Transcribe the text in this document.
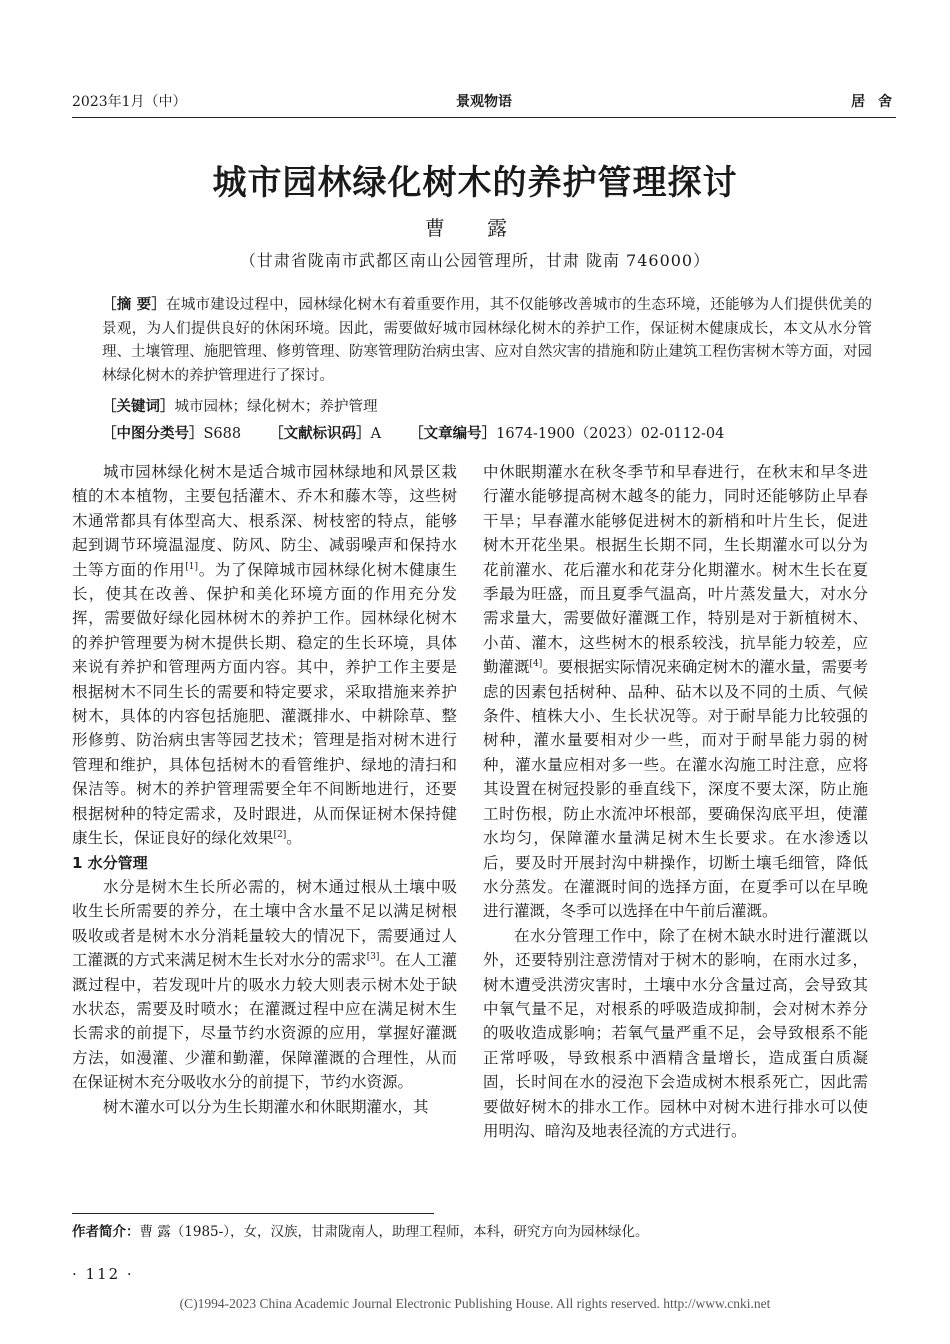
2023年1月（中）	景观物语	居 舍
城市园林绿化树木的养护管理探讨
曹 露
（甘肃省陇南市武都区南山公园管理所，甘肃 陇南 746000）
［摘 要］在城市建设过程中，园林绿化树木有着重要作用，其不仅能够改善城市的生态环境，还能够为人们提供优美的景观，为人们提供良好的休闲环境。因此，需要做好城市园林绿化树木的养护工作，保证树木健康成长，本文从水分管理、土壤管理、施肥管理、修剪管理、防寒管理防治病虫害、应对自然灾害的措施和防止建筑工程伤害树木等方面，对园林绿化树木的养护管理进行了探讨。
［关键词］城市园林；绿化树木；养护管理
［中图分类号］S688 ［文献标识码］A ［文章编号］1674-1900（2023）02-0112-04

城市园林绿化树木是适合城市园林绿地和风景区栽植的木本植物，主要包括灌木、乔木和藤木等，这些树木通常都具有体型高大、根系深、树枝密的特点，能够起到调节环境温湿度、防风、防尘、减弱噪声和保持水土等方面的作用[1]。为了保障城市园林绿化树木健康生长，使其在改善、保护和美化环境方面的作用充分发挥，需要做好绿化园林树木的养护工作。园林绿化树木的养护管理要为树木提供长期、稳定的生长环境，具体来说有养护和管理两方面内容。其中，养护工作主要是根据树木不同生长的需要和特定要求，采取措施来养护树木，具体的内容包括施肥、灌溉排水、中耕除草、整形修剪、防治病虫害等园艺技术；管理是指对树木进行管理和维护，具体包括树木的看管维护、绿地的清扫和保洁等。树木的养护管理需要全年不间断地进行，还要根据树种的特定需求，及时跟进，从而保证树木保持健康生长，保证良好的绿化效果[2]。

1 水分管理

水分是树木生长所必需的，树木通过根从土壤中吸收生长所需要的养分，在土壤中含水量不足以满足树根吸收或者是树木水分消耗量较大的情况下，需要通过人工灌溉的方式来满足树木生长对水分的需求[3]。在人工灌溉过程中，若发现叶片的吸水力较大则表示树木处于缺水状态，需要及时喷水；在灌溉过程中应在满足树木生长需求的前提下，尽量节约水资源的应用，掌握好灌溉方法，如漫灌、少灌和勤灌，保障灌溉的合理性，从而在保证树木充分吸收水分的前提下，节约水资源。

树木灌水可以分为生长期灌水和休眠期灌水，其

中休眠期灌水在秋冬季节和早春进行，在秋末和早冬进行灌水能够提高树木越冬的能力，同时还能够防止早春干旱；早春灌水能够促进树木的新梢和叶片生长，促进树木开花坐果。根据生长期不同，生长期灌水可以分为花前灌水、花后灌水和花芽分化期灌水。树木生长在夏季最为旺盛，而且夏季气温高，叶片蒸发量大，对水分需求量大，需要做好灌溉工作，特别是对于新植树木、小苗、灌木，这些树木的根系较浅，抗旱能力较差，应勤灌溉[4]。要根据实际情况来确定树木的灌水量，需要考虑的因素包括树种、品种、砧木以及不同的土质、气候条件、植株大小、生长状况等。对于耐旱能力比较强的树种，灌水量要相对少一些，而对于耐旱能力弱的树种，灌水量应相对多一些。在灌水沟施工时注意，应将其设置在树冠投影的垂直线下，深度不要太深，防止施工时伤根，防止水流冲坏根部，要确保沟底平坦，使灌水均匀，保障灌水量满足树木生长要求。在水渗透以后，要及时开展封沟中耕操作，切断土壤毛细管，降低水分蒸发。在灌溉时间的选择方面，在夏季可以在早晚进行灌溉，冬季可以选择在中午前后灌溉。

在水分管理工作中，除了在树木缺水时进行灌溉以外，还要特别注意涝情对于树木的影响，在雨水过多，树木遭受洪涝灾害时，土壤中水分含量过高，会导致其中氧气量不足，对根系的呼吸造成抑制，会对树木养分的吸收造成影响；若氧气量严重不足，会导致根系不能正常呼吸，导致根系中酒精含量增长，造成蛋白质凝固，长时间在水的浸泡下会造成树木根系死亡，因此需要做好树木的排水工作。园林中对树木进行排水可以使用明沟、暗沟及地表径流的方式进行。

作者简介：曹 露（1985-），女，汉族，甘肃陇南人，助理工程师，本科，研究方向为园林绿化。
· 112 ·
(C)1994-2023 China Academic Journal Electronic Publishing House. All rights reserved. http://www.cnki.net
